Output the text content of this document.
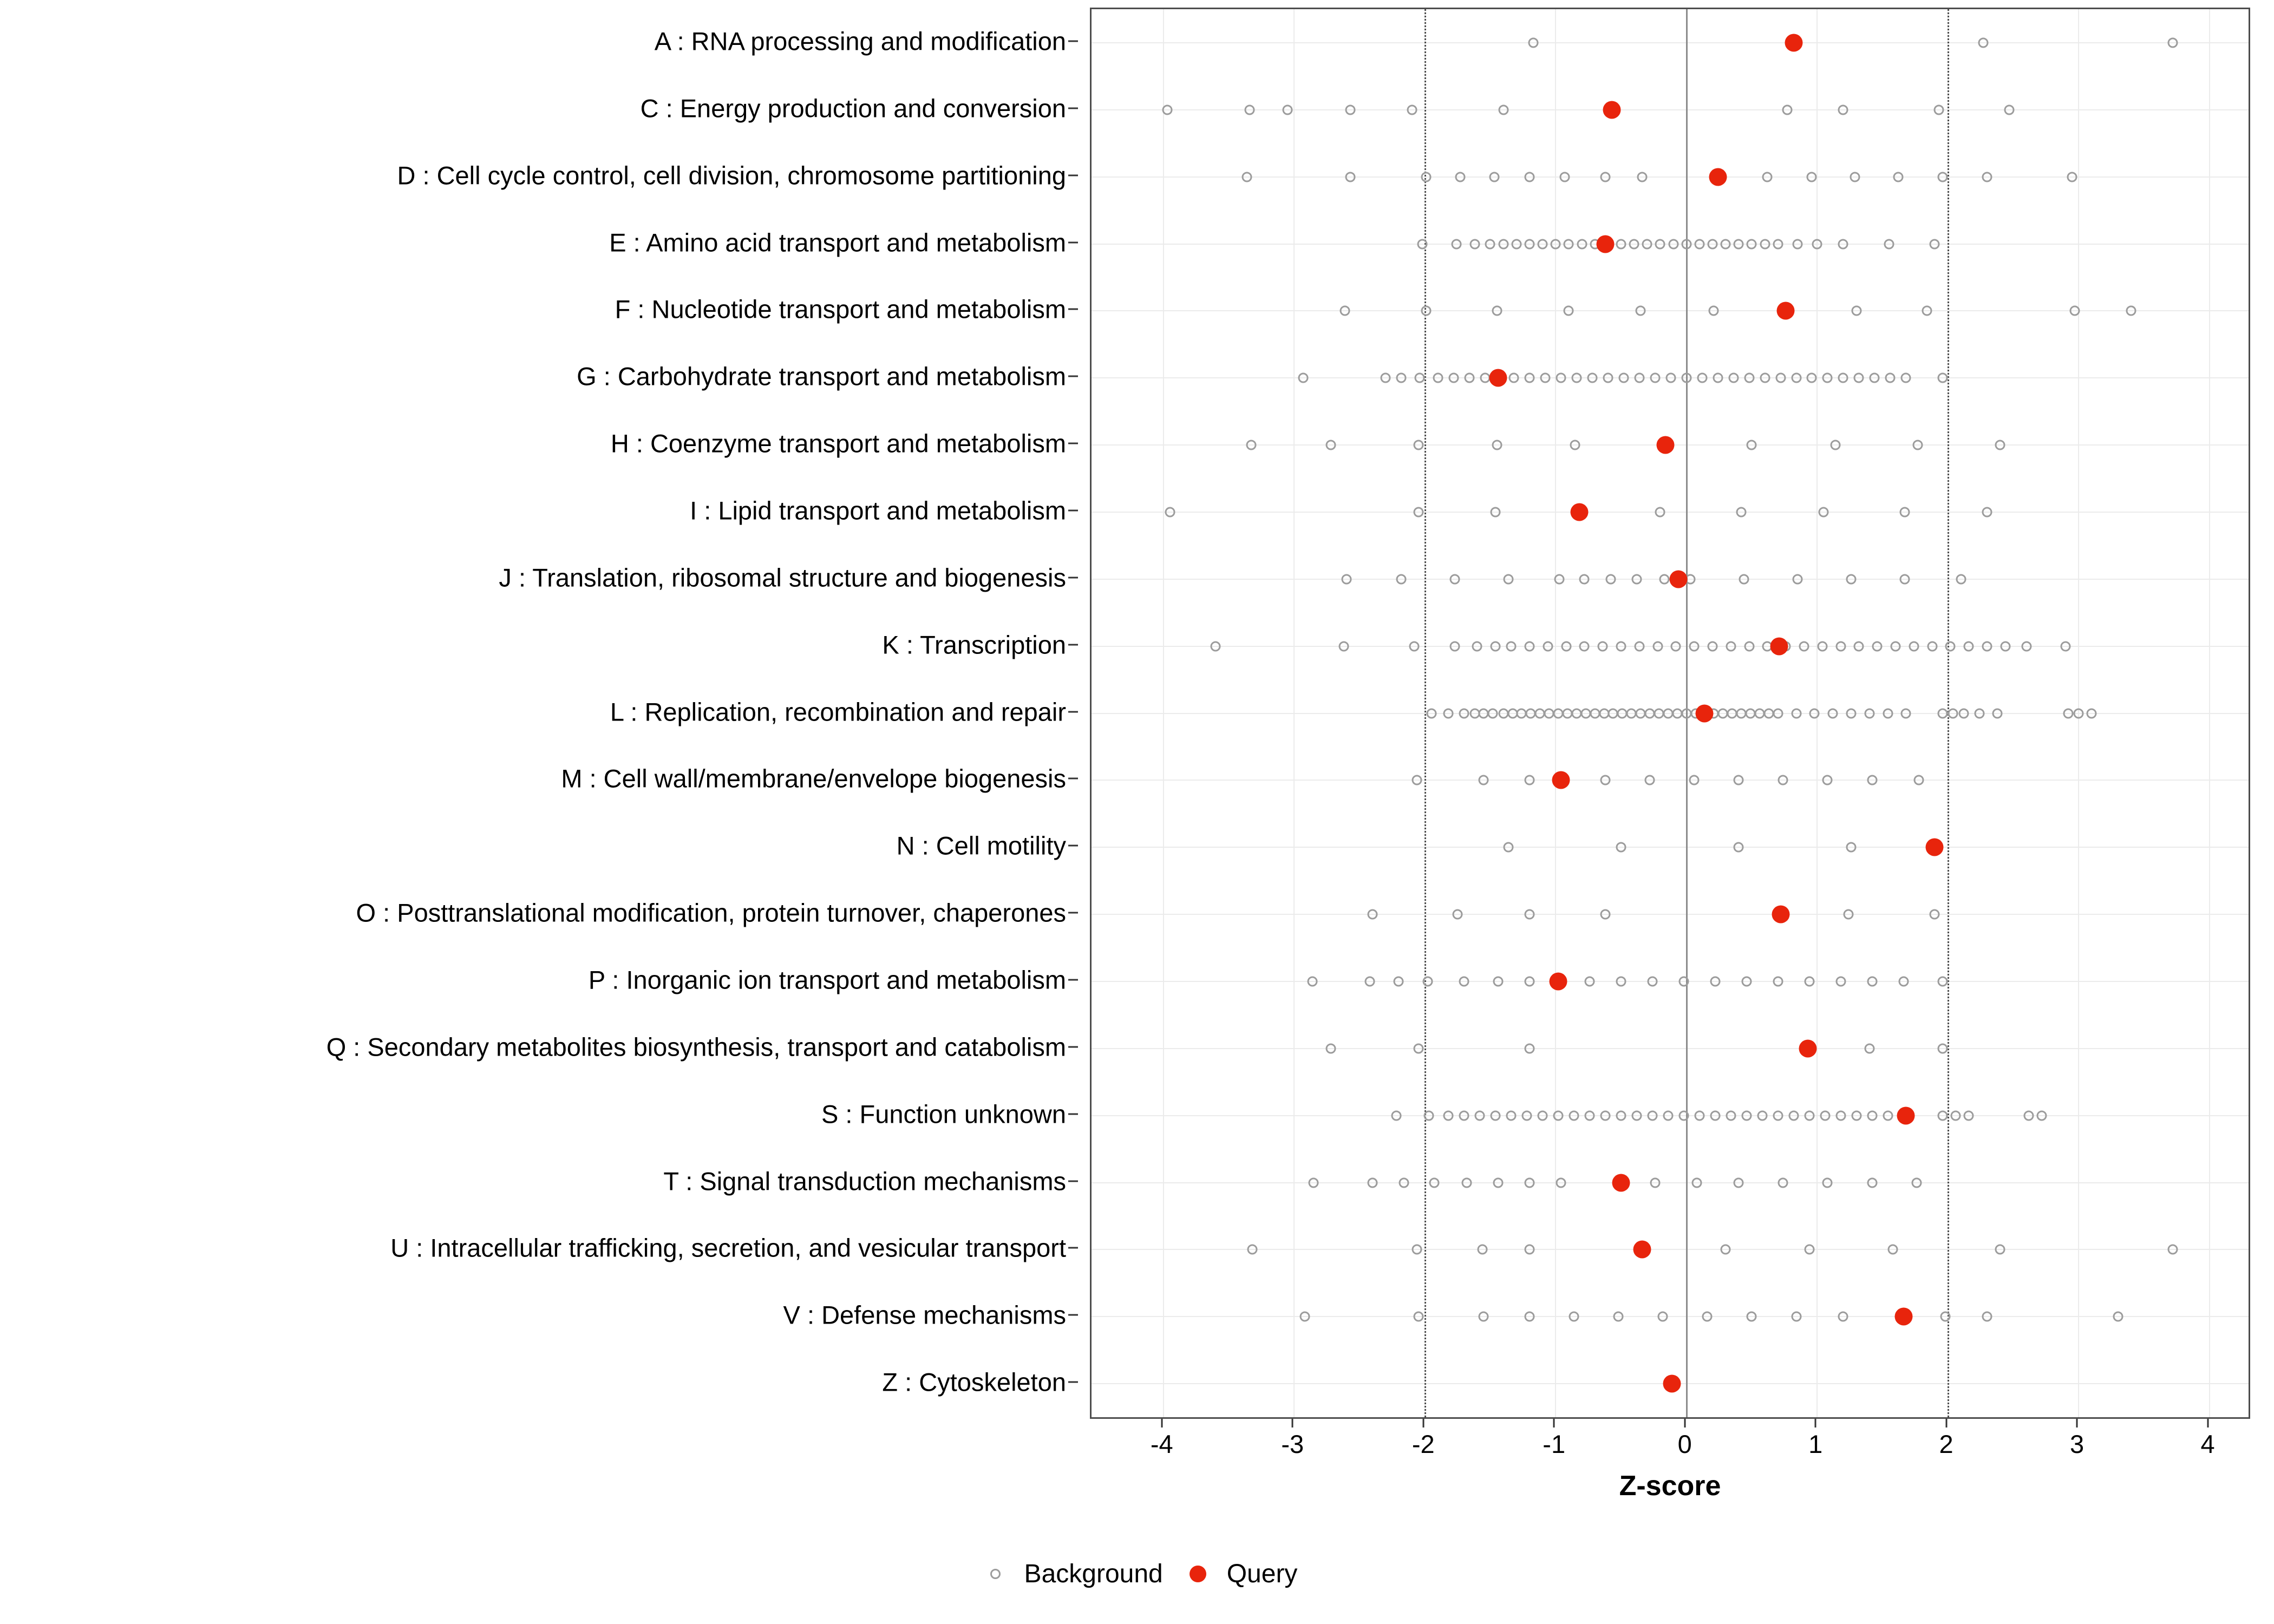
A : RNA processing and modification
C : Energy production and conversion
D : Cell cycle control, cell division, chromosome partitioning
E : Amino acid transport and metabolism
F : Nucleotide transport and metabolism
G : Carbohydrate transport and metabolism
H : Coenzyme transport and metabolism
I : Lipid transport and metabolism
J : Translation, ribosomal structure and biogenesis
K : Transcription
L : Replication, recombination and repair
M : Cell wall/membrane/envelope biogenesis
N : Cell motility
O : Posttranslational modification, protein turnover, chaperones
P : Inorganic ion transport and metabolism
Q : Secondary metabolites biosynthesis, transport and catabolism
S : Function unknown
T : Signal transduction mechanisms
U : Intracellular trafficking, secretion, and vesicular transport
V : Defense mechanisms
Z : Cytoskeleton
-4	-3	-2	-1	0	1	2	3	4
Z-score
Background Query
